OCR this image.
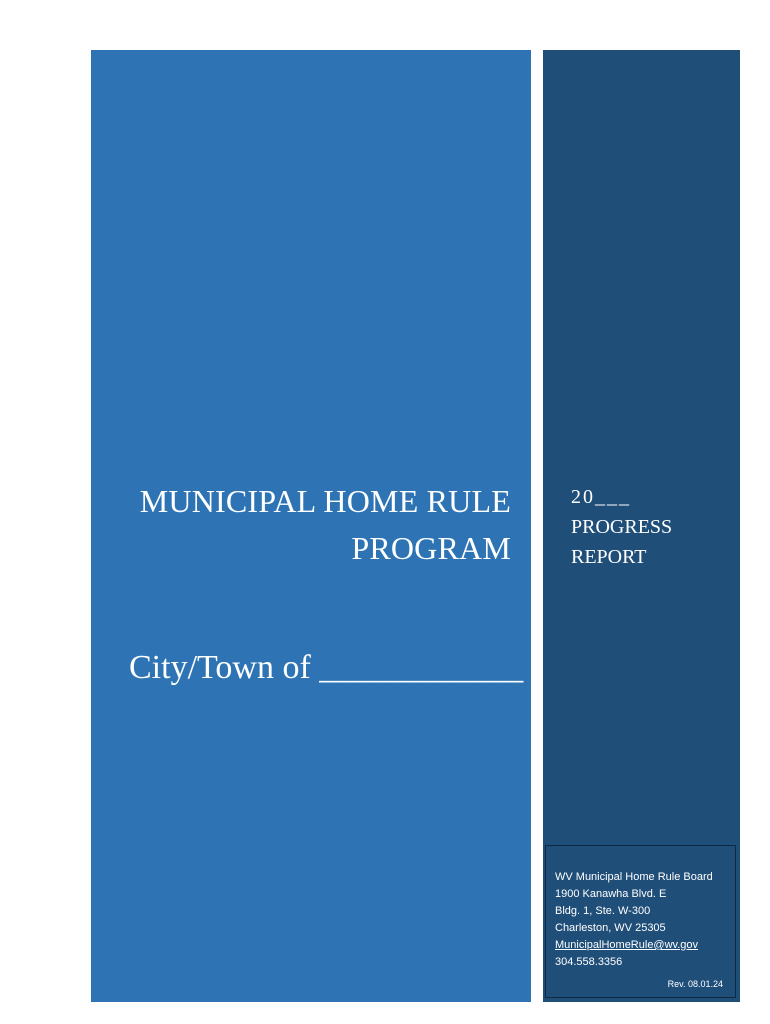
MUNICIPAL HOME RULE
PROGRAM
City/Town of ____________
20___
PROGRESS
REPORT
WV Municipal Home Rule Board
1900 Kanawha Blvd. E
Bldg. 1, Ste. W-300
Charleston, WV 25305
MunicipalHomeRule@wv.gov
304.558.3356
Rev. 08.01.24
